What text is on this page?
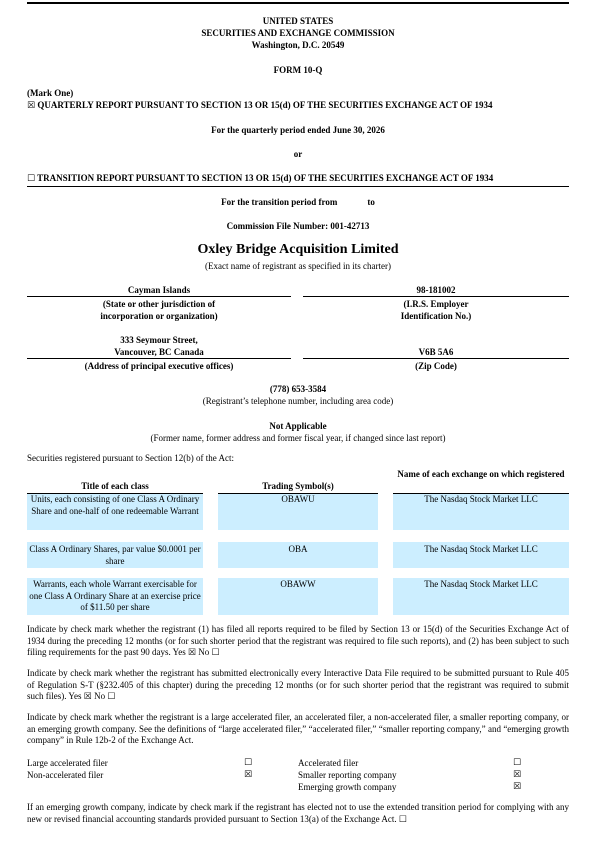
UNITED STATES
SECURITIES AND EXCHANGE COMMISSION
Washington, D.C. 20549
FORM 10-Q
(Mark One)
☒ QUARTERLY REPORT PURSUANT TO SECTION 13 OR 15(d) OF THE SECURITIES EXCHANGE ACT OF 1934
For the quarterly period ended June 30, 2026
or
☐ TRANSITION REPORT PURSUANT TO SECTION 13 OR 15(d) OF THE SECURITIES EXCHANGE ACT OF 1934
For the transition period from	to
Commission File Number: 001-42713
Oxley Bridge Acquisition Limited
(Exact name of registrant as specified in its charter)
Cayman Islands
(State or other jurisdiction of
incorporation or organization)
98-181002
(I.R.S. Employer
Identification No.)
333 Seymour Street,
Vancouver, BC Canada
(Address of principal executive offices)
V6B 5A6
(Zip Code)
(778) 653-3584
(Registrant’s telephone number, including area code)
Not Applicable
(Former name, former address and former fiscal year, if changed since last report)
Securities registered pursuant to Section 12(b) of the Act:
Title of each class	Trading Symbol(s)
Name of each exchange on which registered
Units, each consisting of one Class A Ordinary Share and one-half of one redeemable Warrant
OBAWU	The Nasdaq Stock Market LLC
Class A Ordinary Shares, par value $0.0001 per share
OBA	The Nasdaq Stock Market LLC
Warrants, each whole Warrant exercisable for one Class A Ordinary Share at an exercise price of $11.50 per share
OBAWW	The Nasdaq Stock Market LLC
Indicate by check mark whether the registrant (1) has filed all reports required to be filed by Section 13 or 15(d) of the Securities Exchange Act of 1934 during the preceding 12 months (or for such shorter period that the registrant was required to file such reports), and (2) has been subject to such filing requirements for the past 90 days. Yes ☒ No ☐
Indicate by check mark whether the registrant has submitted electronically every Interactive Data File required to be submitted pursuant to Rule 405 of Regulation S-T (§232.405 of this chapter) during the preceding 12 months (or for such shorter period that the registrant was required to submit such files). Yes ☒ No ☐
Indicate by check mark whether the registrant is a large accelerated filer, an accelerated filer, a non-accelerated filer, a smaller reporting company, or an emerging growth company. See the definitions of “large accelerated filer,” “accelerated filer,” “smaller reporting company,” and “emerging growth company” in Rule 12b-2 of the Exchange Act.
Large accelerated filer	☐
Non-accelerated filer	☒
Accelerated filer	☐
Smaller reporting company	☒
Emerging growth company	☒
If an emerging growth company, indicate by check mark if the registrant has elected not to use the extended transition period for complying with any new or revised financial accounting standards provided pursuant to Section 13(a) of the Exchange Act. ☐
